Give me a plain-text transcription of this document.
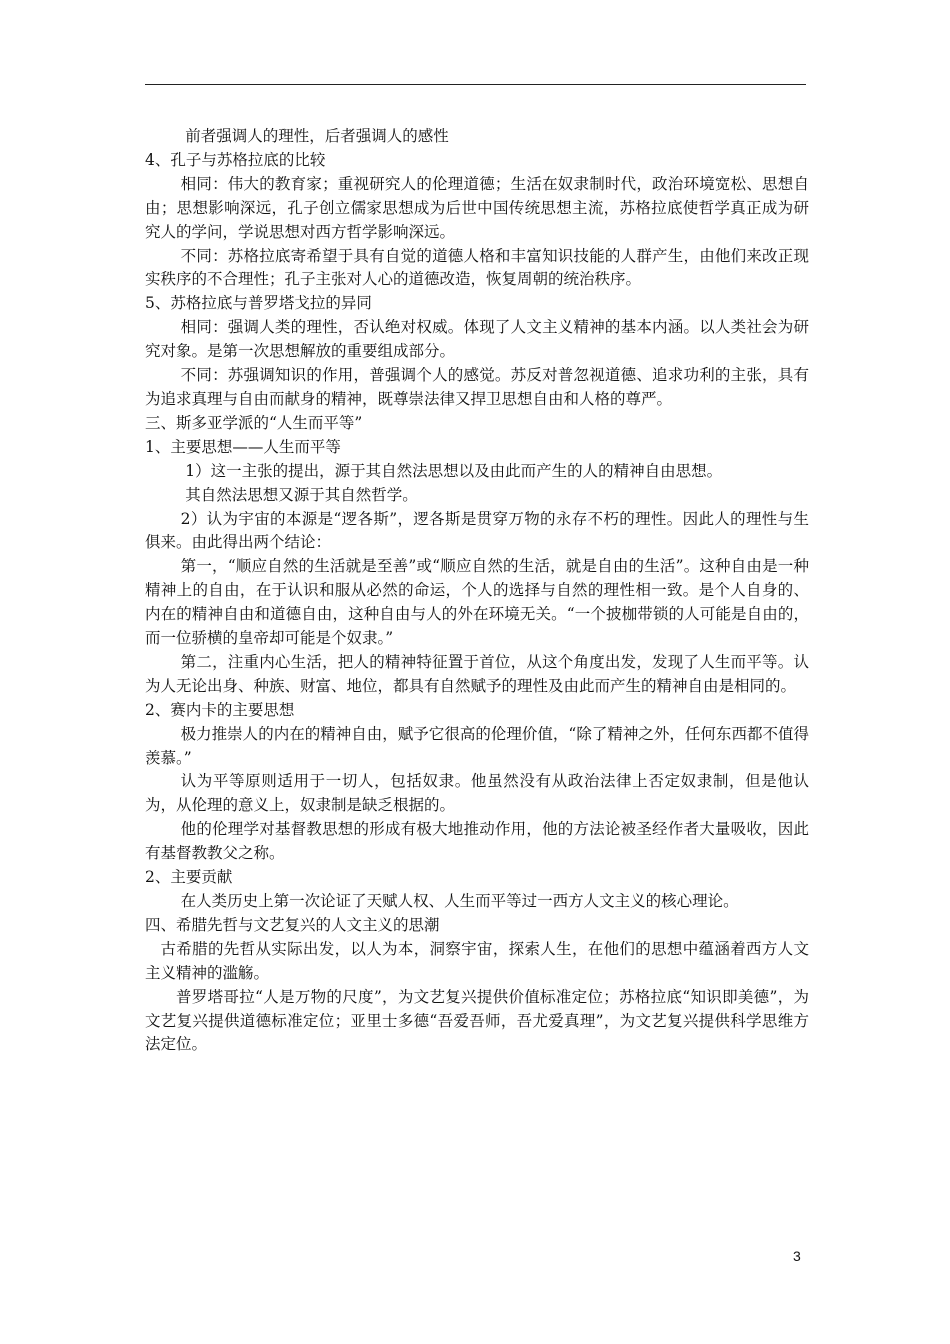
前者强调人的理性，后者强调人的感性

4、孔子与苏格拉底的比较

相同：伟大的教育家；重视研究人的伦理道德；生活在奴隶制时代，政治环境宽松、思想自由；思想影响深远，孔子创立儒家思想成为后世中国传统思想主流，苏格拉底使哲学真正成为研究人的学问，学说思想对西方哲学影响深远。

不同：苏格拉底寄希望于具有自觉的道德人格和丰富知识技能的人群产生，由他们来改正现实秩序的不合理性；孔子主张对人心的道德改造，恢复周朝的统治秩序。

5、苏格拉底与普罗塔戈拉的异同

相同：强调人类的理性，否认绝对权威。体现了人文主义精神的基本内涵。以人类社会为研究对象。是第一次思想解放的重要组成部分。

不同：苏强调知识的作用，普强调个人的感觉。苏反对普忽视道德、追求功利的主张，具有为追求真理与自由而献身的精神，既尊崇法律又捍卫思想自由和人格的尊严。

三、斯多亚学派的“人生而平等”

1、主要思想——人生而平等

1）这一主张的提出，源于其自然法思想以及由此而产生的人的精神自由思想。

其自然法思想又源于其自然哲学。

2）认为宇宙的本源是“逻各斯”，逻各斯是贯穿万物的永存不朽的理性。因此人的理性与生俱来。由此得出两个结论：

第一，“顺应自然的生活就是至善”或“顺应自然的生活，就是自由的生活”。这种自由是一种精神上的自由，在于认识和服从必然的命运，个人的选择与自然的理性相一致。是个人自身的、内在的精神自由和道德自由，这种自由与人的外在环境无关。“一个披枷带锁的人可能是自由的，而一位骄横的皇帝却可能是个奴隶。”

第二，注重内心生活，把人的精神特征置于首位，从这个角度出发，发现了人生而平等。认为人无论出身、种族、财富、地位，都具有自然赋予的理性及由此而产生的精神自由是相同的。

2、赛内卡的主要思想

极力推崇人的内在的精神自由，赋予它很高的伦理价值，“除了精神之外，任何东西都不值得羡慕。”

认为平等原则适用于一切人，包括奴隶。他虽然没有从政治法律上否定奴隶制，但是他认为，从伦理的意义上，奴隶制是缺乏根据的。

他的伦理学对基督教思想的形成有极大地推动作用，他的方法论被圣经作者大量吸收，因此有基督教教父之称。

2、主要贡献

在人类历史上第一次论证了天赋人权、人生而平等过一西方人文主义的核心理论。

四、希腊先哲与文艺复兴的人文主义的思潮

古希腊的先哲从实际出发，以人为本，洞察宇宙，探索人生，在他们的思想中蕴涵着西方人文主义精神的滥觞。

普罗塔哥拉“人是万物的尺度”，为文艺复兴提供价值标准定位；苏格拉底“知识即美德”，为文艺复兴提供道德标准定位；亚里士多德“吾爱吾师，吾尤爱真理”，为文艺复兴提供科学思维方法定位。

3
